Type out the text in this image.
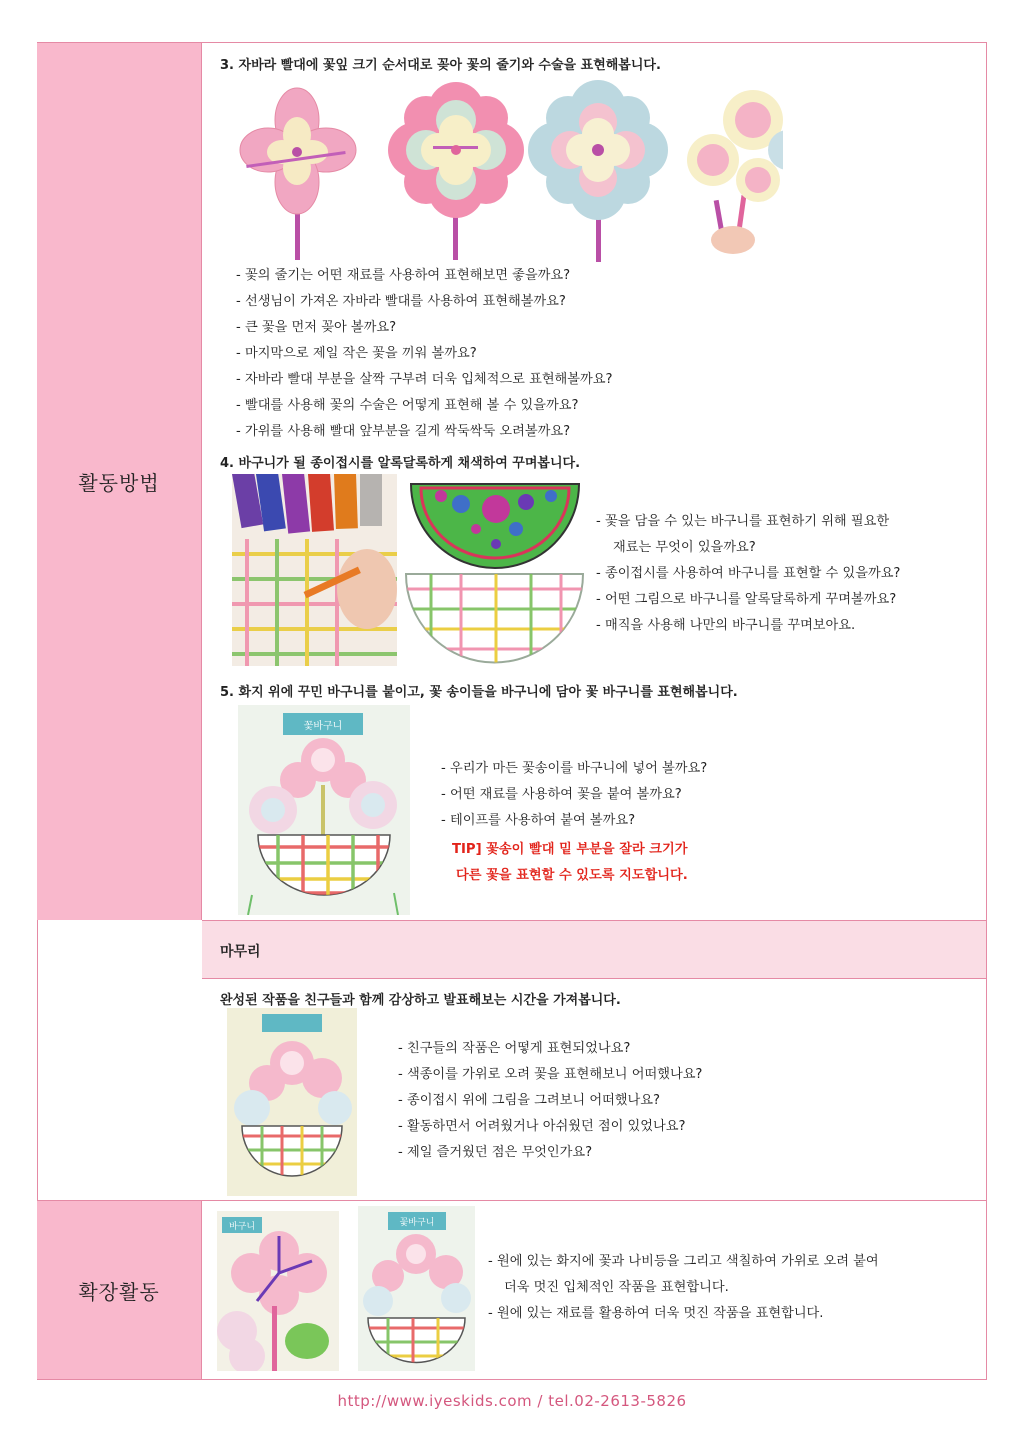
활동방법
확장활동
마무리
3. 자바라 빨대에 꽃잎 크기 순서대로 꽂아 꽃의 줄기와 수술을 표현해봅니다.
- 꽃의 줄기는 어떤 재료를 사용하여 표현해보면 좋을까요?
- 선생님이 가져온 자바라 빨대를 사용하여 표현해볼까요?
- 큰 꽃을 먼저 꽂아 볼까요?
- 마지막으로 제일 작은 꽃을 끼워 볼까요?
- 자바라 빨대 부분을 살짝 구부려 더욱 입체적으로 표현해볼까요?
- 빨대를 사용해 꽃의 수술은 어떻게 표현해 볼 수 있을까요?
- 가위를 사용해 빨대 앞부분을 길게 싹둑싹둑 오려볼까요?
4. 바구니가 될 종이접시를 알록달록하게 채색하여 꾸며봅니다.
- 꽃을 담을 수 있는 바구니를 표현하기 위해 필요한
재료는 무엇이 있을까요?
- 종이접시를 사용하여 바구니를 표현할 수 있을까요?
- 어떤 그림으로 바구니를 알록달록하게 꾸며볼까요?
- 매직을 사용해 나만의 바구니를 꾸며보아요.
5. 화지 위에 꾸민 바구니를 붙이고, 꽃 송이들을 바구니에 담아 꽃 바구니를 표현해봅니다.
꽃바구니
- 우리가 마든 꽃송이를 바구니에 넣어 볼까요?
- 어떤 재료를 사용하여 꽃을 붙여 볼까요?
- 테이프를 사용하여 붙여 볼까요?
TIP] 꽃송이 빨대 밑 부분을 잘라 크기가
다른 꽃을 표현할 수 있도록 지도합니다.
완성된 작품을 친구들과 함께 감상하고 발표해보는 시간을 가져봅니다.
- 친구들의 작품은 어떻게 표현되었나요?
- 색종이를 가위로 오려 꽃을 표현해보니 어떠했나요?
- 종이접시 위에 그림을 그려보니 어떠했나요?
- 활동하면서 어려웠거나 아쉬웠던 점이 있었나요?
- 제일 즐거웠던 점은 무엇인가요?
바구니	꽃바구니
- 원에 있는 화지에 꽃과 나비등을 그리고 색칠하여 가위로 오려 붙여
더욱 멋진 입체적인 작품을 표현합니다.
- 원에 있는 재료를 활용하여 더욱 멋진 작품을 표현합니다.
http://www.iyeskids.com / tel.02-2613-5826
